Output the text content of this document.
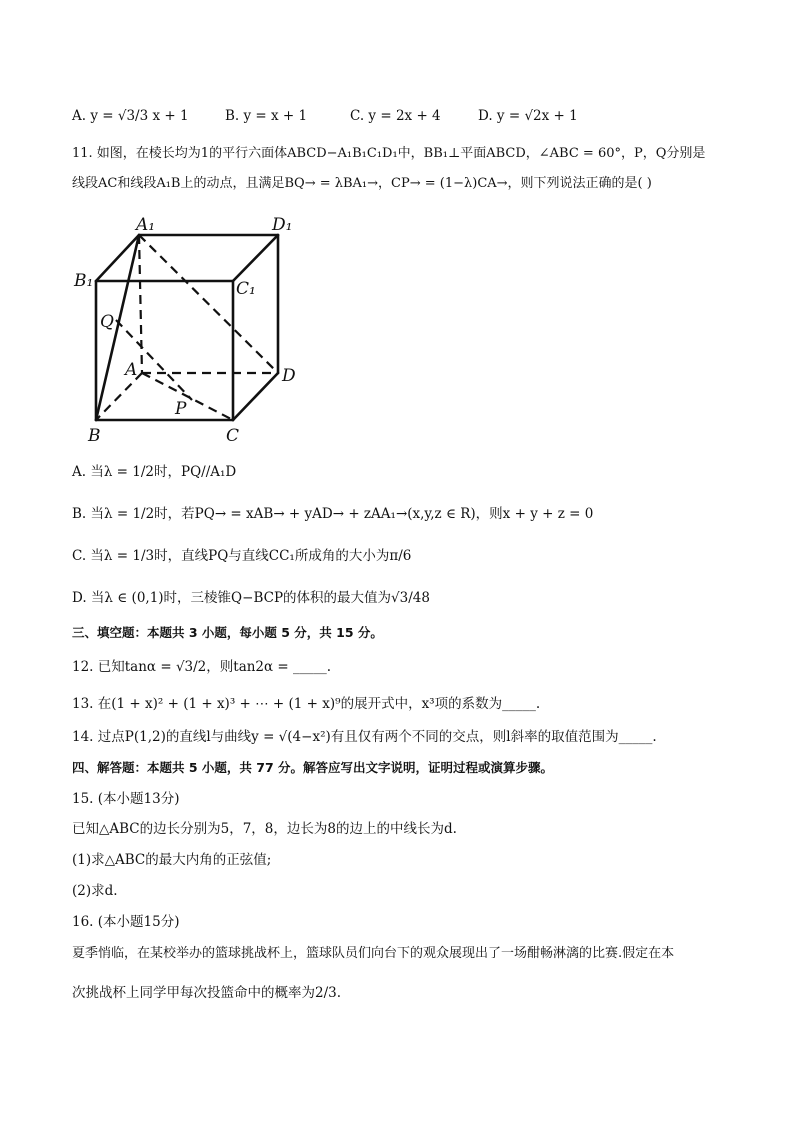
A. y = √3/3 x + 1	B. y = x + 1	C. y = 2x + 4	D. y = √2x + 1
11. 如图，在棱长均为1的平行六面体ABCD−A₁B₁C₁D₁中，BB₁⊥平面ABCD，∠ABC = 60°，P，Q分别是
线段AC和线段A₁B上的动点，且满足BQ→ = λBA₁→，CP→ = (1−λ)CA→，则下列说法正确的是( )
A₁	D₁
B₁	C₁
Q
A	D
P
B	C
A. 当λ = 1/2时，PQ//A₁D
B. 当λ = 1/2时，若PQ→ = xAB→ + yAD→ + zAA₁→(x,y,z ∈ R)，则x + y + z = 0
C. 当λ = 1/3时，直线PQ与直线CC₁所成角的大小为π/6
D. 当λ ∈ (0,1)时，三棱锥Q−BCP的体积的最大值为√3/48
三、填空题：本题共 3 小题，每小题 5 分，共 15 分。
12. 已知tanα = √3/2，则tan2α = _____.
13. 在(1 + x)² + (1 + x)³ + ⋯ + (1 + x)⁹的展开式中，x³项的系数为_____.
14. 过点P(1,2)的直线l与曲线y = √(4−x²)有且仅有两个不同的交点，则l斜率的取值范围为_____.
四、解答题：本题共 5 小题，共 77 分。解答应写出文字说明，证明过程或演算步骤。
15. (本小题13分)
已知△ABC的边长分别为5，7，8，边长为8的边上的中线长为d.
(1)求△ABC的最大内角的正弦值;
(2)求d.
16. (本小题15分)
夏季悄临，在某校举办的篮球挑战杯上，篮球队员们向台下的观众展现出了一场酣畅淋漓的比赛.假定在本
次挑战杯上同学甲每次投篮命中的概率为2/3.
